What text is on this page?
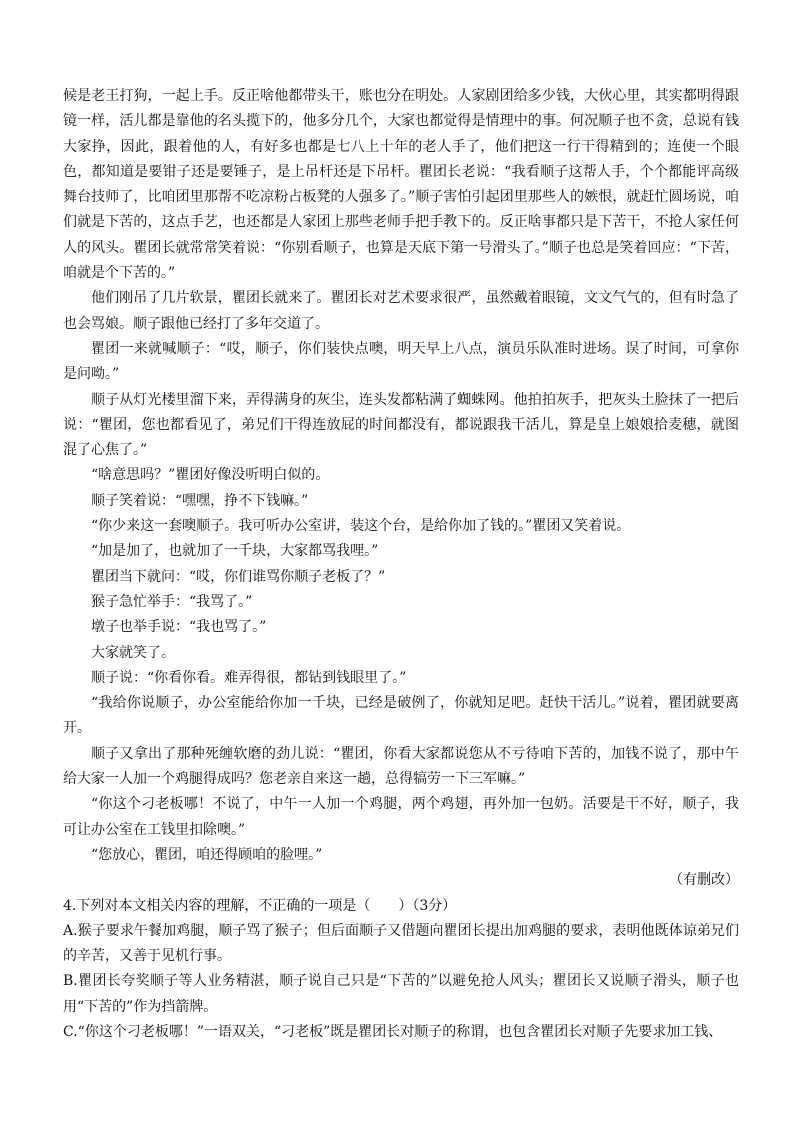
候是老王打狗，一起上手。反正啥他都带头干，账也分在明处。人家剧团给多少钱，大伙心里，其实都明得跟镜一样，活儿都是靠他的名头揽下的，他多分几个，大家也都觉得是情理中的事。何况顺子也不贪，总说有钱大家挣，因此，跟着他的人，有好多也都是七八上十年的老人手了，他们把这一行干得精到的；连使一个眼色，都知道是要钳子还是要锤子，是上吊杆还是下吊杆。瞿团长老说：“我看顺子这帮人手，个个都能评高级舞台技师了，比咱团里那帮不吃凉粉占板凳的人强多了。”顺子害怕引起团里那些人的嫉恨，就赶忙圆场说，咱们就是下苦的，这点手艺，也还都是人家团上那些老师手把手教下的。反正啥事都只是下苦干，不抢人家任何人的风头。瞿团长就常常笑着说：“你别看顺子，也算是天底下第一号滑头了。”顺子也总是笑着回应：“下苦，咱就是个下苦的。”

他们刚吊了几片软景，瞿团长就来了。瞿团长对艺术要求很严，虽然戴着眼镜，文文气气的，但有时急了也会骂娘。顺子跟他已经打了多年交道了。

瞿团一来就喊顺子：“哎，顺子，你们装快点噢，明天早上八点，演员乐队准时进场。误了时间，可拿你是问呦。”

顺子从灯光楼里溜下来，弄得满身的灰尘，连头发都粘满了蜘蛛网。他拍拍灰手，把灰头土脸抹了一把后说：“瞿团，您也都看见了，弟兄们干得连放屁的时间都没有，都说跟我干活儿，算是皇上娘娘拾麦穗，就图混了心焦了。”

“啥意思吗？”瞿团好像没听明白似的。

顺子笑着说：“嘿嘿，挣不下钱嘛。”

“你少来这一套噢顺子。我可听办公室讲，装这个台，是给你加了钱的。”瞿团又笑着说。

“加是加了，也就加了一千块，大家都骂我哩。”

瞿团当下就问：“哎，你们谁骂你顺子老板了？”

猴子急忙举手：“我骂了。”

墩子也举手说：“我也骂了。”

大家就笑了。

顺子说：“你看你看。难弄得很，都钻到钱眼里了。”

“我给你说顺子，办公室能给你加一千块，已经是破例了，你就知足吧。赶快干活儿。”说着，瞿团就要离开。

顺子又拿出了那种死缠软磨的劲儿说：“瞿团，你看大家都说您从不亏待咱下苦的，加钱不说了，那中午给大家一人加一个鸡腿得成吗？您老亲自来这一趟，总得犒劳一下三军嘛。”

“你这个刁老板哪！不说了，中午一人加一个鸡腿，两个鸡翅，再外加一包奶。活要是干不好，顺子，我可让办公室在工钱里扣除噢。”

“您放心，瞿团，咱还得顾咱的脸哩。”

（有删改）

4.下列对本文相关内容的理解，不正确的一项是（　　）（3分）

A.猴子要求午餐加鸡腿，顺子骂了猴子；但后面顺子又借题向瞿团长提出加鸡腿的要求，表明他既体谅弟兄们的辛苦，又善于见机行事。

B.瞿团长夸奖顺子等人业务精湛，顺子说自己只是“下苦的”以避免抢人风头；瞿团长又说顺子滑头，顺子也用“下苦的”作为挡箭牌。

C.“你这个刁老板哪！”一语双关，“刁老板”既是瞿团长对顺子的称谓，也包含瞿团长对顺子先要求加工钱、
